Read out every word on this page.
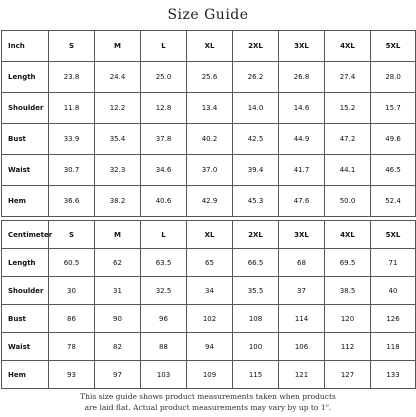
Size Guide
Inch	S	M	L	XL	2XL	3XL	4XL	5XL
Length	23.8	24.4	25.0	25.6	26.2	26.8	27.4	28.0
Shoulder	11.8	12.2	12.8	13.4	14.0	14.6	15.2	15.7
Bust	33.9	35.4	37.8	40.2	42.5	44.9	47.2	49.6
Waist	30.7	32.3	34.6	37.0	39.4	41.7	44.1	46.5
Hem	36.6	38.2	40.6	42.9	45.3	47.6	50.0	52.4
Centimeter	S	M	L	XL	2XL	3XL	4XL	5XL
Length	60.5	62	63.5	65	66.5	68	69.5	71
Shoulder	30	31	32.5	34	35.5	37	38.5	40
Bust	86	90	96	102	108	114	120	126
Waist	78	82	88	94	100	106	112	118
Hem	93	97	103	109	115	121	127	133
This size guide shows product measurements taken when products
are laid flat. Actual product measurements may vary by up to 1".
